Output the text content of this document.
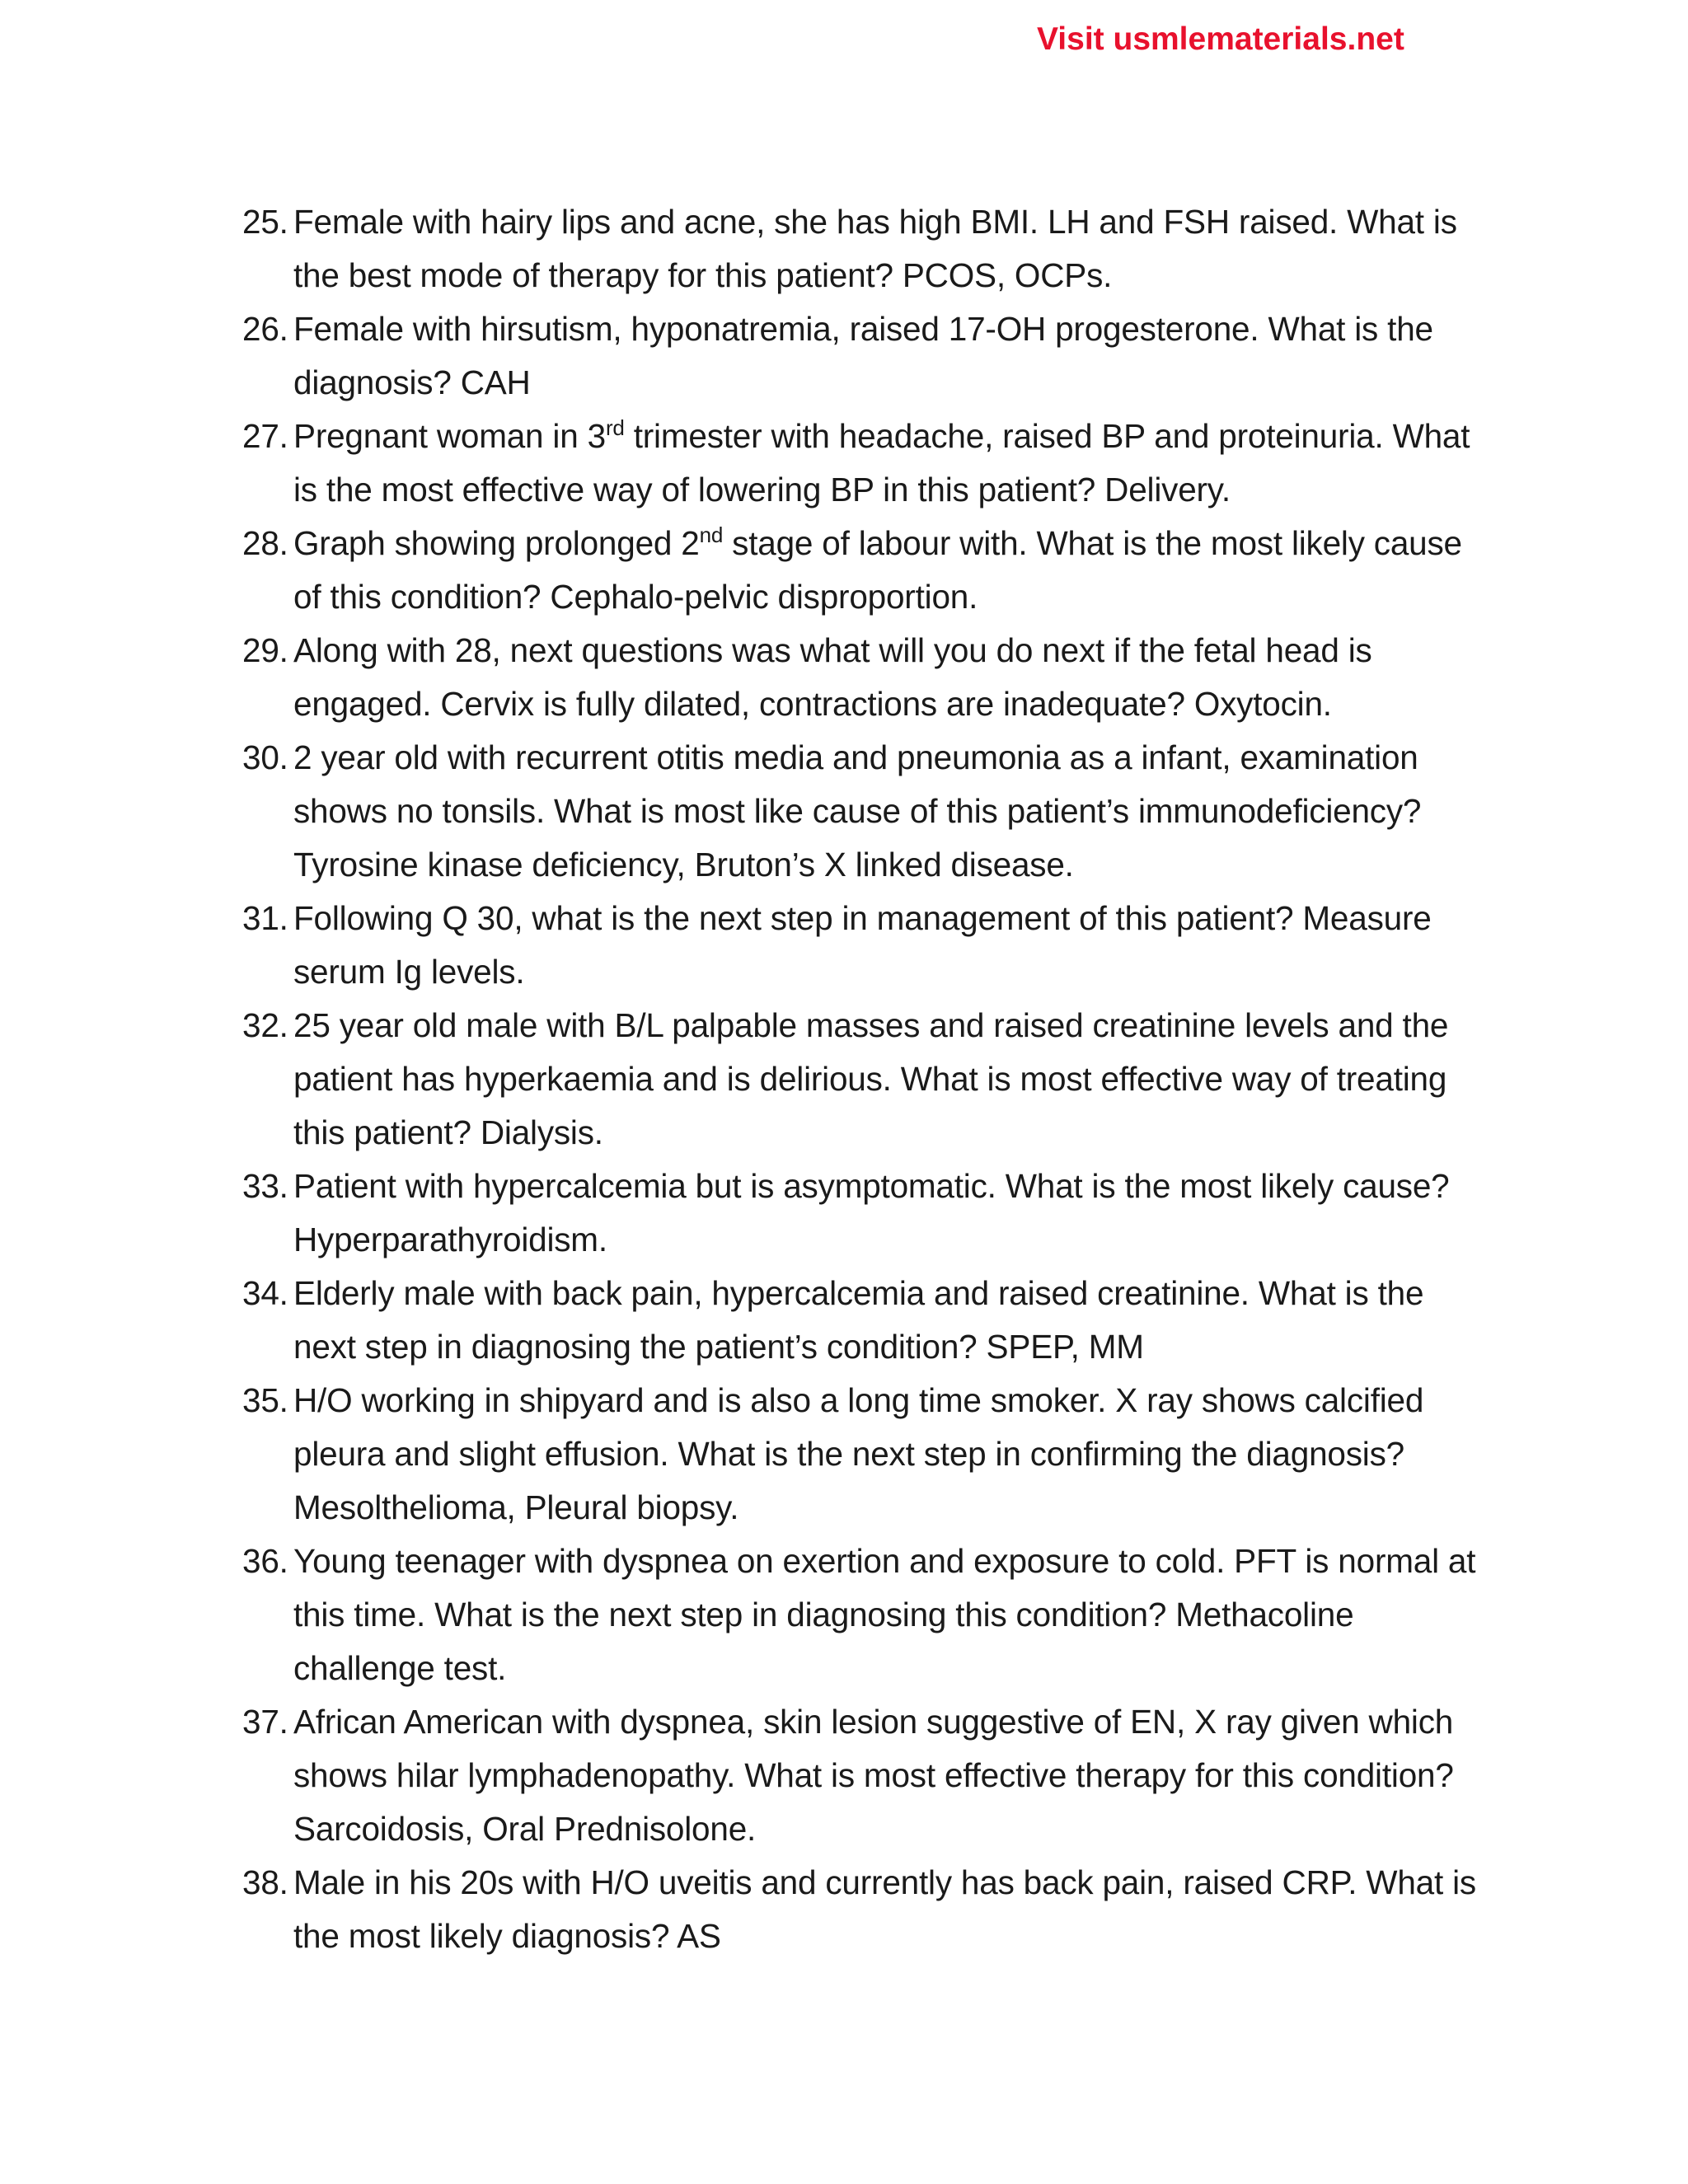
Visit usmlematerials.net
25. Female with hairy lips and acne, she has high BMI. LH and FSH raised. What is the best mode of therapy for this patient? PCOS, OCPs.
26. Female with hirsutism, hyponatremia, raised 17-OH progesterone. What is the diagnosis? CAH
27. Pregnant woman in 3rd trimester with headache, raised BP and proteinuria. What is the most effective way of lowering BP in this patient? Delivery.
28. Graph showing prolonged 2nd stage of labour with. What is the most likely cause of this condition? Cephalo-pelvic disproportion.
29. Along with 28, next questions was what will you do next if the fetal head is engaged. Cervix is fully dilated, contractions are inadequate? Oxytocin.
30. 2 year old with recurrent otitis media and pneumonia as a infant, examination shows no tonsils. What is most like cause of this patient’s immunodeficiency? Tyrosine kinase deficiency, Bruton’s X linked disease.
31. Following Q 30, what is the next step in management of this patient? Measure serum Ig levels.
32. 25 year old male with B/L palpable masses and raised creatinine levels and the patient has hyperkaemia and is delirious. What is most effective way of treating this patient? Dialysis.
33. Patient with hypercalcemia but is asymptomatic. What is the most likely cause? Hyperparathyroidism.
34. Elderly male with back pain, hypercalcemia and raised creatinine. What is the next step in diagnosing the patient’s condition? SPEP, MM
35. H/O working in shipyard and is also a long time smoker. X ray shows calcified pleura and slight effusion. What is the next step in confirming the diagnosis? Mesolthelioma, Pleural biopsy.
36. Young teenager with dyspnea on exertion and exposure to cold. PFT is normal at this time. What is the next step in diagnosing this condition? Methacoline challenge test.
37. African American with dyspnea, skin lesion suggestive of EN, X ray given which shows hilar lymphadenopathy. What is most effective therapy for this condition? Sarcoidosis, Oral Prednisolone.
38. Male in his 20s with H/O uveitis and currently has back pain, raised CRP. What is the most likely diagnosis? AS
